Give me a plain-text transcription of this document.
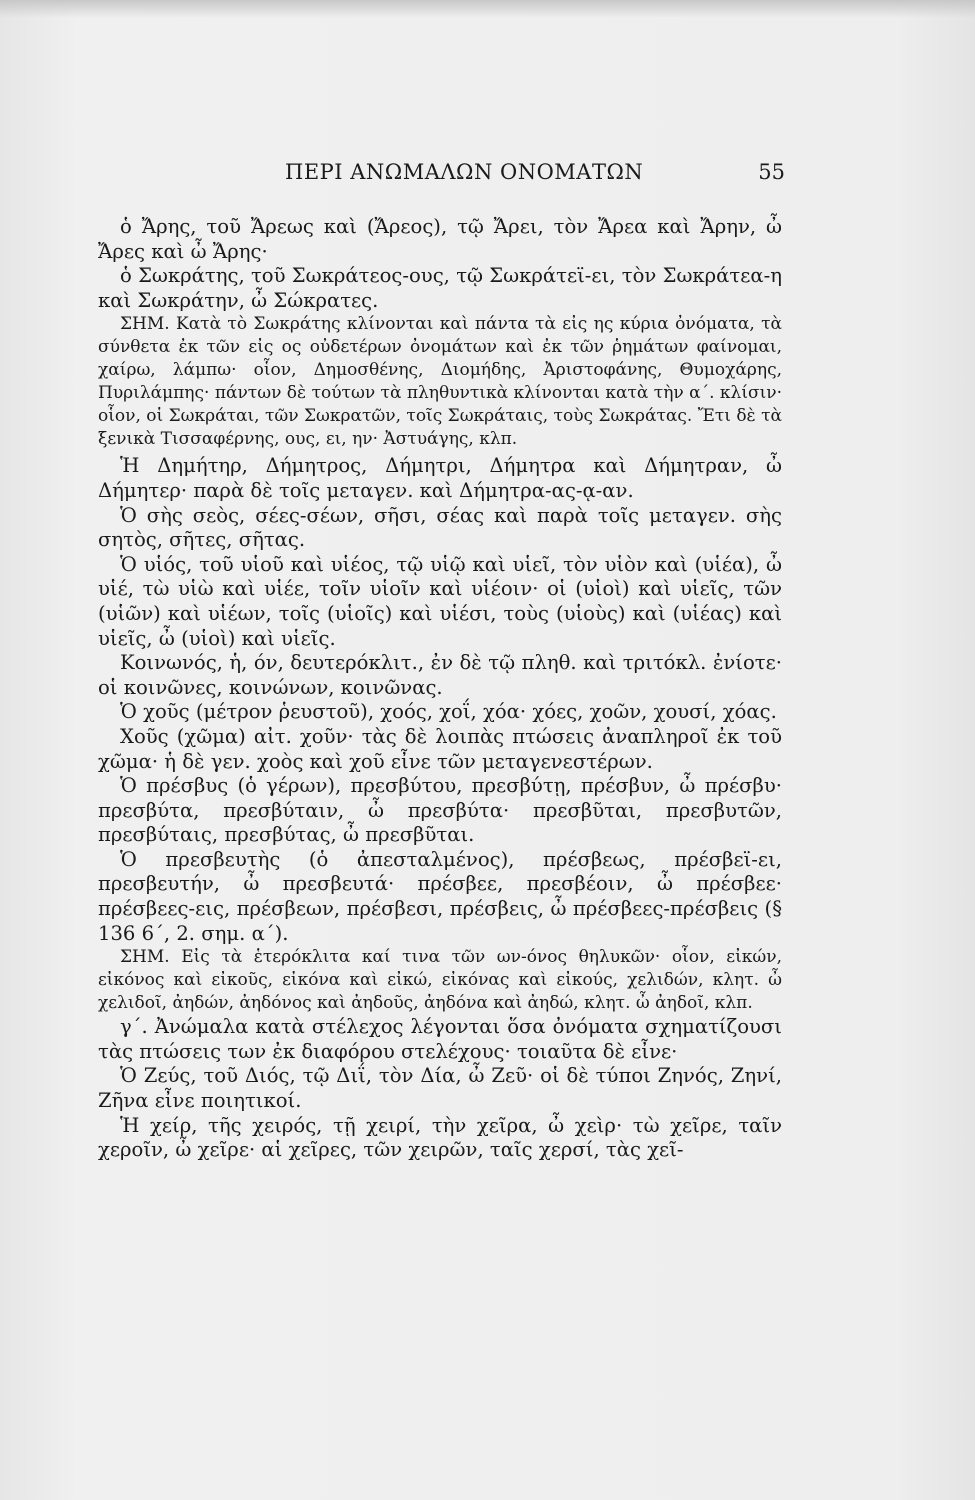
ΠΕΡΙ ΑΝΩΜΑΛΩΝ ΟΝΟΜΑΤΩΝ	55

ὁ Ἄρης, τοῦ Ἄρεως καὶ (Ἄρεος), τῷ Ἄρει, τὸν Ἄρεα καὶ Ἄρην, ὦ Ἄρες καὶ ὦ Ἄρης·

ὁ Σωκράτης, τοῦ Σωκράτεος-ους, τῷ Σωκράτεϊ-ει, τὸν Σωκράτεα-η καὶ Σωκράτην, ὦ Σώκρατες.

ΣΗΜ. Κατὰ τὸ Σωκράτης κλίνονται καὶ πάντα τὰ εἰς ης κύρια ὀνόματα, τὰ σύνθετα ἐκ τῶν εἰς ος οὐδετέρων ὀνομάτων καὶ ἐκ τῶν ῥημάτων φαίνομαι, χαίρω, λάμπω· οἷον, Δημοσθένης, Διομήδης, Ἀριστοφάνης, Θυμοχάρης, Πυριλάμπης· πάντων δὲ τούτων τὰ πληθυντικὰ κλίνονται κατὰ τὴν α΄. κλίσιν· οἷον, οἱ Σωκράται, τῶν Σωκρατῶν, τοῖς Σωκράταις, τοὺς Σωκράτας. Ἔτι δὲ τὰ ξενικὰ Τισσαφέρνης, ους, ει, ην· Ἀστυάγης, κλπ.

Ἡ Δημήτηρ, Δήμητρος, Δήμητρι, Δήμητρα καὶ Δήμητραν, ὦ Δήμητερ· παρὰ δὲ τοῖς μεταγεν. καὶ Δήμητρα-ας-ᾳ-αν.

Ὁ σὴς σεὸς, σέες-σέων, σῆσι, σέας καὶ παρὰ τοῖς μεταγεν. σὴς σητὸς, σῆτες, σῆτας.

Ὁ υἱός, τοῦ υἱοῦ καὶ υἱέος, τῷ υἱῷ καὶ υἱεῖ, τὸν υἱὸν καὶ (υἱέα), ὦ υἱέ, τὼ υἱὼ καὶ υἱέε, τοῖν υἱοῖν καὶ υἱέοιν· οἱ (υἱοὶ) καὶ υἱεῖς, τῶν (υἱῶν) καὶ υἱέων, τοῖς (υἱοῖς) καὶ υἱέσι, τοὺς (υἱοὺς) καὶ (υἱέας) καὶ υἱεῖς, ὦ (υἱοὶ) καὶ υἱεῖς.

Κοινωνός, ἡ, όν, δευτερόκλιτ., ἐν δὲ τῷ πληθ. καὶ τριτόκλ. ἐνίοτε· οἱ κοινῶνες, κοινώνων, κοινῶνας.

Ὁ χοῦς (μέτρον ῥευστοῦ), χοός, χοΐ, χόα· χόες, χοῶν, χουσί, χόας.

Χοῦς (χῶμα) αἰτ. χοῦν· τὰς δὲ λοιπὰς πτώσεις ἀναπληροῖ ἐκ τοῦ χῶμα· ἡ δὲ γεν. χοὸς καὶ χοῦ εἶνε τῶν μεταγενεστέρων.

Ὁ πρέσβυς (ὁ γέρων), πρεσβύτου, πρεσβύτῃ, πρέσβυν, ὦ πρέσβυ· πρεσβύτα, πρεσβύταιν, ὦ πρεσβύτα· πρεσβῦται, πρεσβυτῶν, πρεσβύταις, πρεσβύτας, ὦ πρεσβῦται.

Ὁ πρεσβευτὴς (ὁ ἀπεσταλμένος), πρέσβεως, πρέσβεϊ-ει, πρεσβευτήν, ὦ πρεσβευτά· πρέσβεε, πρεσβέοιν, ὦ πρέσβεε· πρέσβεες-εις, πρέσβεων, πρέσβεσι, πρέσβεις, ὦ πρέσβεες-πρέσβεις (§ 136 6΄, 2. σημ. α΄).

ΣΗΜ. Εἰς τὰ ἑτερόκλιτα καί τινα τῶν ων-όνος θηλυκῶν· οἷον, εἰκών, εἰκόνος καὶ εἰκοῦς, εἰκόνα καὶ εἰκώ, εἰκόνας καὶ εἰκούς, χελιδών, κλητ. ὦ χελιδοῖ, ἀηδών, ἀηδόνος καὶ ἀηδοῦς, ἀηδόνα καὶ ἀηδώ, κλητ. ὦ ἀηδοῖ, κλπ.

γ΄. Ἀνώμαλα κατὰ στέλεχος λέγονται ὅσα ὀνόματα σχηματίζουσι τὰς πτώσεις των ἐκ διαφόρου στελέχους· τοιαῦτα δὲ εἶνε·

Ὁ Ζεύς, τοῦ Διός, τῷ Διΐ, τὸν Δία, ὦ Ζεῦ· οἱ δὲ τύποι Ζηνός, Ζηνί, Ζῆνα εἶνε ποιητικοί.

Ἡ χείρ, τῆς χειρός, τῇ χειρί, τὴν χεῖρα, ὦ χεὶρ· τὼ χεῖρε, ταῖν χεροῖν, ὦ χεῖρε· αἱ χεῖρες, τῶν χειρῶν, ταῖς χερσί, τὰς χεῖ-
